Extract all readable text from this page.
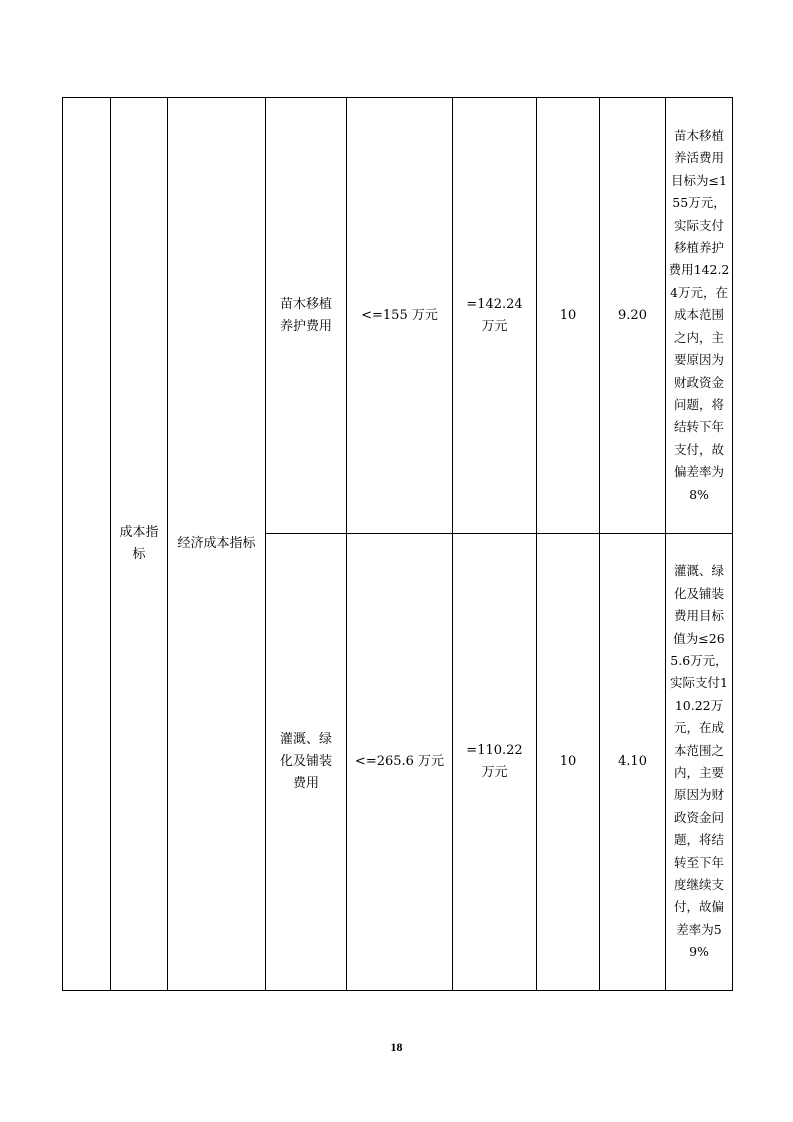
成本指标
经济成本指标
苗木移植养护费用
<=155 万元
=142.24 万元
10	9.20
苗木移植养活费用目标为≤155万元，实际支付移植养护费用142.24万元，在成本范围之内，主要原因为财政资金问题，将结转下年支付，故偏差率为8%
灌溉、绿化及铺装费用
<=265.6 万元
=110.22 万元
10	4.10
灌溉、绿化及铺装费用目标值为≤265.6万元，实际支付110.22万元，在成本范围之内，主要原因为财政资金问题，将结转至下年度继续支付，故偏差率为59%
18
